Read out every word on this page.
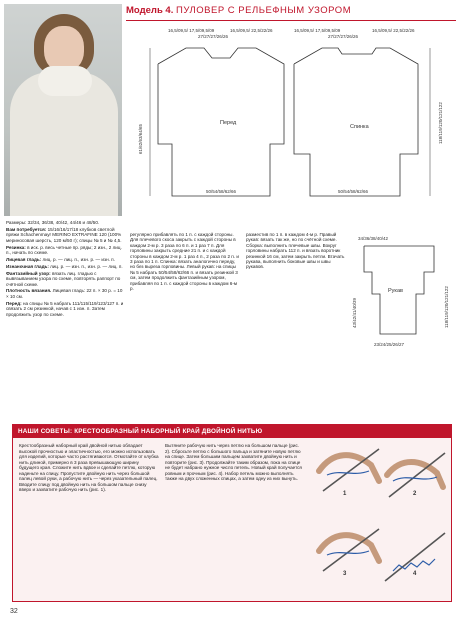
Модель 4. ПУЛОВЕР С РЕЛЬЕФНЫМ УЗОРОМ
16,5/09,5/ 17,5/09,5/09
27/27/27/26/26
16,5/09,5/ 22,5/22/26
Перед
50/54/58/62/66
61/62/63/64/65
16,5/09,5/ 17,5/09,5/09
27/27/27/26/26
16,5/09,5/ 22,5/22/26
Спинка
50/54/58/62/66
118/119/120/121/122
34/36/38/40/42
Рукав
23/24/25/26/27
43/42/41/40/39	118/119/120/121/122

Размеры: 32/34, 36/38, 40/42, 44/46 и 48/50.

Вам потребуется: 15/16/16/17/18 клубков светлой пряжи Schachenmayr MERINO EXTRAFINE 120 (100% мериносовая шерсть, 120 м/50 г); спицы № 5 и № 4,5.

Резинка: в иск. р. весь четные пр. ряды; 2 изн., 2 лиц. п., начать по схеме.

Лицевая гладь: лиц. р. — лиц. п., изн. р. — изн. п.

Изнаночная гладь: лиц. р. — изн. п., изн. р. — лиц. п.

Фантазийный узор: вязать лиц. гладью с вывязыванием узора по схеме, повторять раппорт по счётной схеме.

Плотность вязания. Лицевая гладь: 22 п. × 30 р. = 10 × 10 см.

Перед: на спицы № 5 набрать 111/115/119/123/127 п. и связать 2 см резинкой, начав с 1 изн. п. Затем продолжить узор по схеме.

регулярно прибавлять по 1 п. с каждой стороны. Для плечевого скоса закрыть с каждой стороны в каждом 2-м р. 3 раза по 6 п. и 1 раз 7 п. Для горловины закрыть средние 21 п. и с каждой стороны в каждом 2-м р. 1 раз 4 п., 2 раза по 2 п. и 3 раза по 1 п. Спинка: вязать аналогично переду, но без выреза горловины. Левый рукав: на спицы № 5 набрать 50/54/58/62/66 п. и вязать резинкой 3 см, затем продолжить фантазийным узором, прибавляя по 1 п. с каждой стороны в каждом 6-м р.

разместив по 1 п. в каждом 4-м р. Правый рукав: вязать так же, но по счётной схеме. Сборка: выполнить плечевые швы. Вокруг горловины набрать 112 п. и вязать воротник резинкой 16 см, затем закрыть петли. Втачать рукава, выполнить боковые швы и швы рукавов.

НАШИ СОВЕТЫ: КРЕСТООБРАЗНЫЙ НАБОРНЫЙ КРАЙ ДВОЙНОЙ НИТЬЮ

Крестообразный наборный край двойной нитью обладает высокой прочностью и эластичностью, его можно использовать для изделий, которые часто растягиваются. Отмотайте от клубка нить длиной, примерно в 3 раза превышающую ширину будущего края. Сложите нить вдвое и сделайте петлю, которую наденьте на спицу. Пропустите двойную нить через большой палец левой руки, а рабочую нить — через указательный палец. Вводите спицу под двойную нить на большом пальце снизу вверх и захватите рабочую нить (рис. 1).

Вытяните рабочую нить через петлю на большом пальце (рис. 2). Сбросьте петлю с большого пальца и затяните новую петлю на спице. Затем большим пальцем захватите двойную нить и повторите (рис. 3). Продолжайте таким образом, пока на спице не будет набрано нужное число петель. Новый край получается ровным и прочным (рис. 4). Набор петель можно выполнять также на двух сложенных спицах, а затем одну из них вынуть.

1	2
3	4
32
